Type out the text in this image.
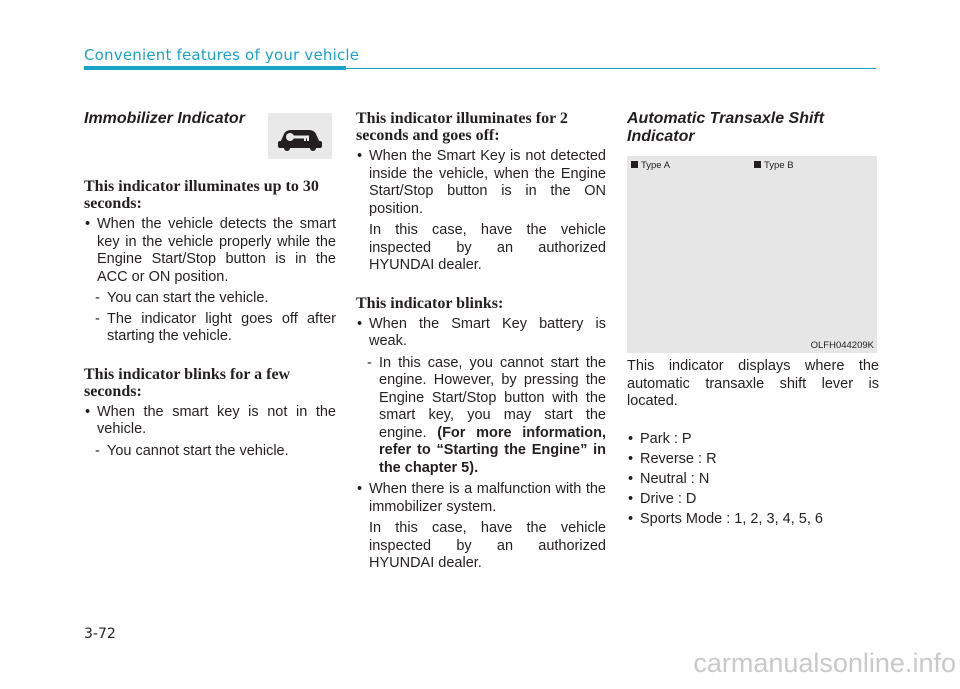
Convenient features of your vehicle
Immobilizer Indicator
This indicator illuminates up to 30 seconds:

• When the vehicle detects the smart key in the vehicle properly while the Engine Start/Stop button is in the ACC or ON position.

- You can start the vehicle.

- The indicator light goes off after starting the vehicle.

This indicator blinks for a few seconds:

• When the smart key is not in the vehicle.

- You cannot start the vehicle.

This indicator illuminates for 2 seconds and goes off:

• When the Smart Key is not detected inside the vehicle, when the Engine Start/Stop button is in the ON position.

In this case, have the vehicle inspected by an authorized HYUNDAI dealer.

This indicator blinks:

• When the Smart Key battery is weak.

- In this case, you cannot start the engine. However, by pressing the Engine Start/Stop button with the smart key, you may start the engine. (For more information, refer to “Starting the Engine” in the chapter 5).

• When there is a malfunction with the immobilizer system.

In this case, have the vehicle inspected by an authorized HYUNDAI dealer.

Automatic Transaxle Shift Indicator
Type A	Type B
OLFH044209K

This indicator displays where the automatic transaxle shift lever is located.

• Park : P

• Reverse : R

• Neutral : N

• Drive : D

• Sports Mode : 1, 2, 3, 4, 5, 6

3-72
carmanualsonline.info
